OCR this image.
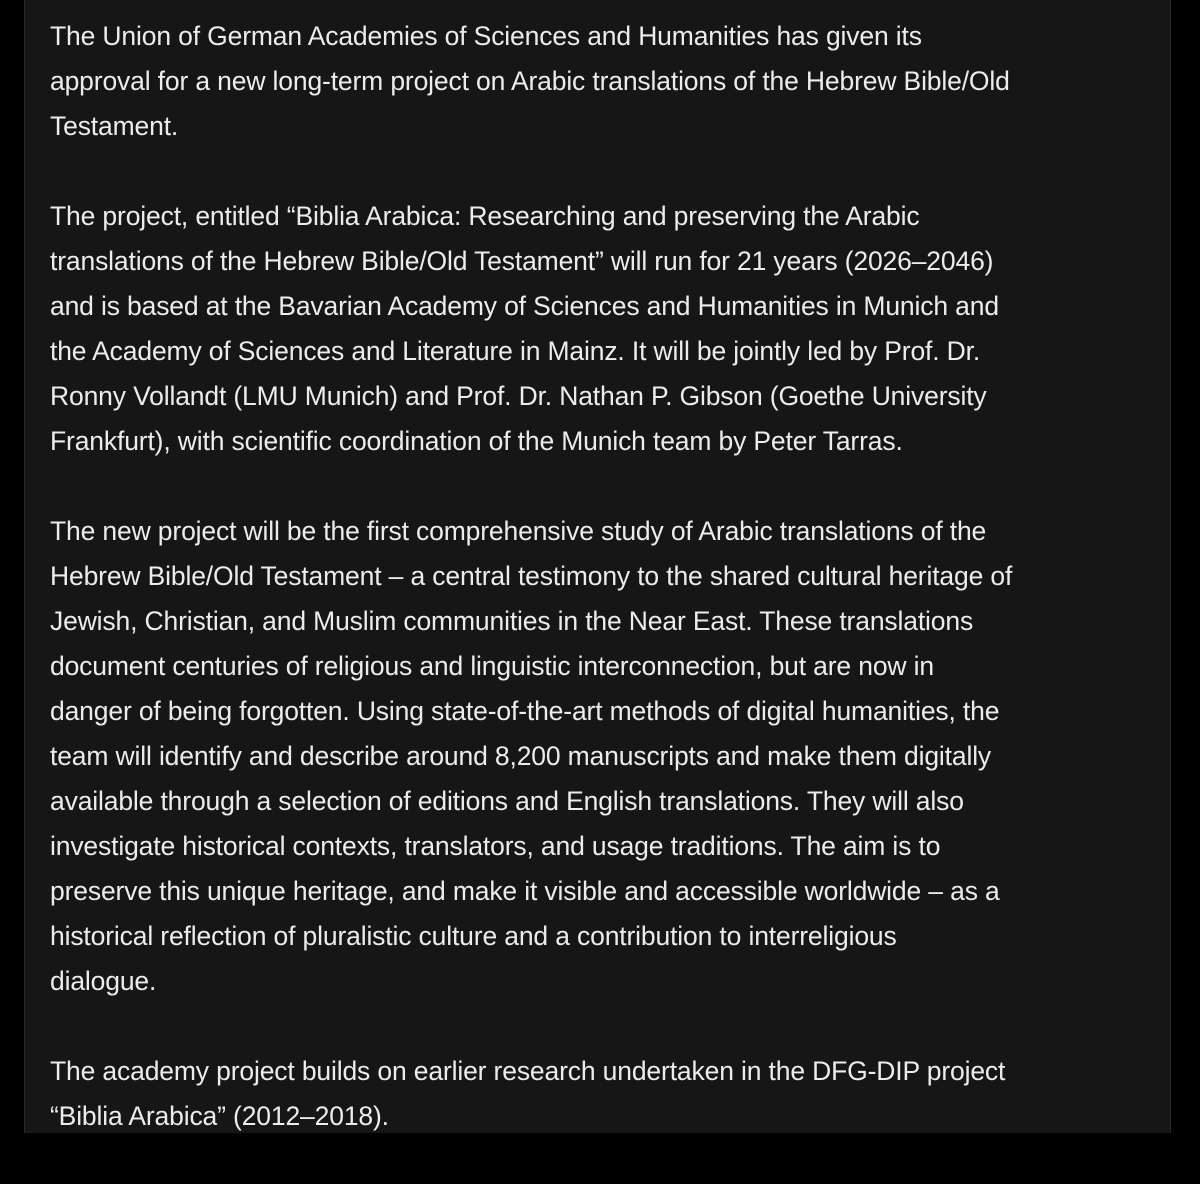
The Union of German Academies of Sciences and Humanities has given its
approval for a new long-term project on Arabic translations of the Hebrew Bible/Old
Testament.

The project, entitled “Biblia Arabica: Researching and preserving the Arabic
translations of the Hebrew Bible/Old Testament” will run for 21 years (2026–2046)
and is based at the Bavarian Academy of Sciences and Humanities in Munich and
the Academy of Sciences and Literature in Mainz. It will be jointly led by Prof. Dr.
Ronny Vollandt (LMU Munich) and Prof. Dr. Nathan P. Gibson (Goethe University
Frankfurt), with scientific coordination of the Munich team by Peter Tarras.

The new project will be the first comprehensive study of Arabic translations of the
Hebrew Bible/Old Testament – a central testimony to the shared cultural heritage of
Jewish, Christian, and Muslim communities in the Near East. These translations
document centuries of religious and linguistic interconnection, but are now in
danger of being forgotten. Using state-of-the-art methods of digital humanities, the
team will identify and describe around 8,200 manuscripts and make them digitally
available through a selection of editions and English translations. They will also
investigate historical contexts, translators, and usage traditions. The aim is to
preserve this unique heritage, and make it visible and accessible worldwide – as a
historical reflection of pluralistic culture and a contribution to interreligious
dialogue.

The academy project builds on earlier research undertaken in the DFG-DIP project
“Biblia Arabica” (2012–2018).
